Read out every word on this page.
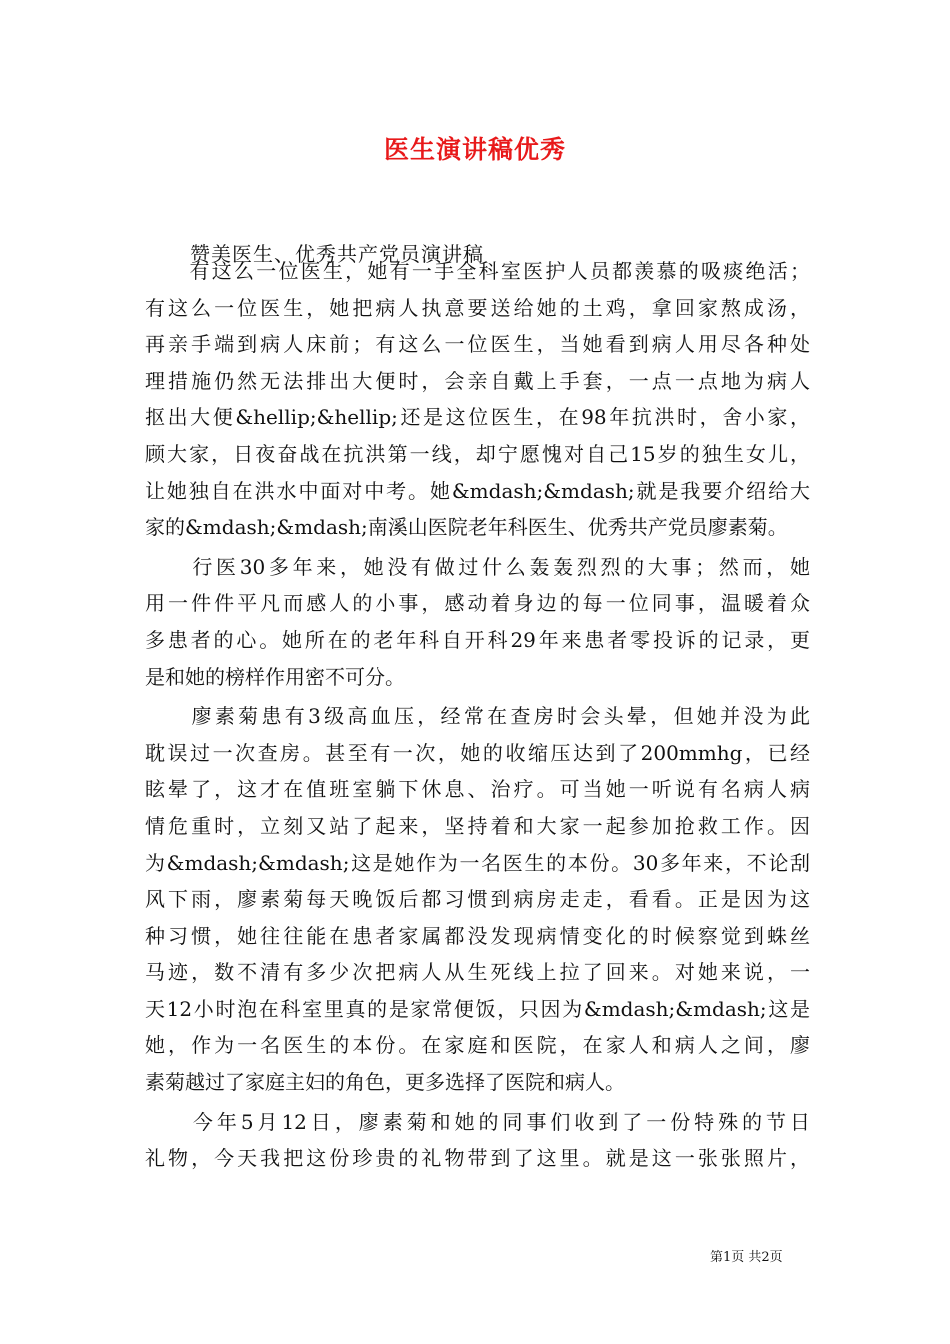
医生演讲稿优秀
赞美医生、优秀共产党员演讲稿
　　有这么一位医生，她有一手全科室医护人员都羡慕的吸痰绝活；
有这么一位医生，她把病人执意要送给她的土鸡，拿回家熬成汤，
再亲手端到病人床前；有这么一位医生，当她看到病人用尽各种处
理措施仍然无法排出大便时，会亲自戴上手套，一点一点地为病人
抠出大便&hellip;&hellip;还是这位医生，在98年抗洪时，舍小家，
顾大家，日夜奋战在抗洪第一线，却宁愿愧对自己15岁的独生女儿，
让她独自在洪水中面对中考。她&mdash;&mdash;就是我要介绍给大
家的&mdash;&mdash;南溪山医院老年科医生、优秀共产党员廖素菊。
　　行医30多年来，她没有做过什么轰轰烈烈的大事；然而，她
用一件件平凡而感人的小事，感动着身边的每一位同事，温暖着众
多患者的心。她所在的老年科自开科29年来患者零投诉的记录，更
是和她的榜样作用密不可分。
　　廖素菊患有3级高血压，经常在查房时会头晕，但她并没为此
耽误过一次查房。甚至有一次，她的收缩压达到了200mmhg，已经
眩晕了，这才在值班室躺下休息、治疗。可当她一听说有名病人病
情危重时，立刻又站了起来，坚持着和大家一起参加抢救工作。因
为&mdash;&mdash;这是她作为一名医生的本份。30多年来，不论刮
风下雨，廖素菊每天晚饭后都习惯到病房走走，看看。正是因为这
种习惯，她往往能在患者家属都没发现病情变化的时候察觉到蛛丝
马迹，数不清有多少次把病人从生死线上拉了回来。对她来说，一
天12小时泡在科室里真的是家常便饭，只因为&mdash;&mdash;这是
她，作为一名医生的本份。在家庭和医院，在家人和病人之间，廖
素菊越过了家庭主妇的角色，更多选择了医院和病人。
　　今年5月12日，廖素菊和她的同事们收到了一份特殊的节日
礼物，今天我把这份珍贵的礼物带到了这里。就是这一张张照片，
第1页 共2页
